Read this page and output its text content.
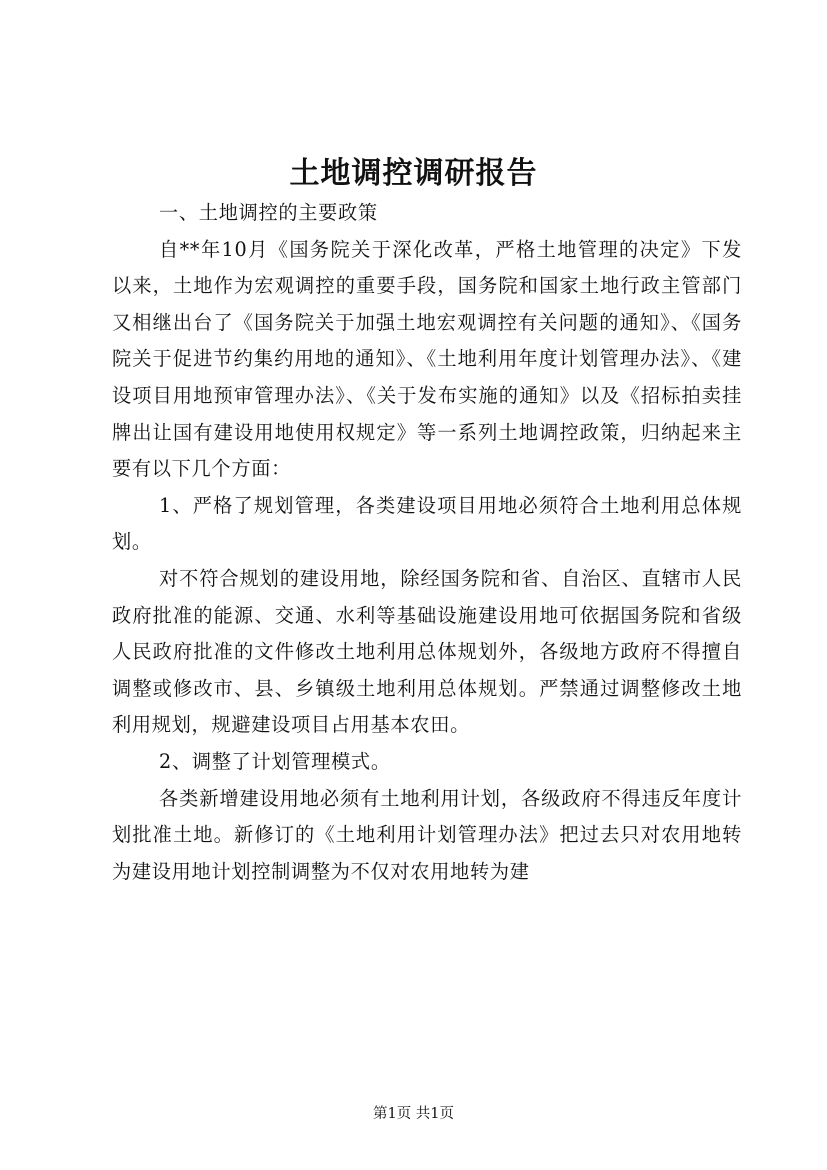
土地调控调研报告

一、土地调控的主要政策

自**年10月《国务院关于深化改革，严格土地管理的决定》下发以来，土地作为宏观调控的重要手段，国务院和国家土地行政主管部门又相继出台了《国务院关于加强土地宏观调控有关问题的通知》、《国务院关于促进节约集约用地的通知》、《土地利用年度计划管理办法》、《建设项目用地预审管理办法》、《关于发布实施的通知》以及《招标拍卖挂牌出让国有建设用地使用权规定》等一系列土地调控政策，归纳起来主要有以下几个方面：

1、严格了规划管理，各类建设项目用地必须符合土地利用总体规划。

对不符合规划的建设用地，除经国务院和省、自治区、直辖市人民政府批准的能源、交通、水利等基础设施建设用地可依据国务院和省级人民政府批准的文件修改土地利用总体规划外，各级地方政府不得擅自调整或修改市、县、乡镇级土地利用总体规划。严禁通过调整修改土地利用规划，规避建设项目占用基本农田。

2、调整了计划管理模式。

各类新增建设用地必须有土地利用计划，各级政府不得违反年度计划批准土地。新修订的《土地利用计划管理办法》把过去只对农用地转为建设用地计划控制调整为不仅对农用地转为建

第1页 共1页
